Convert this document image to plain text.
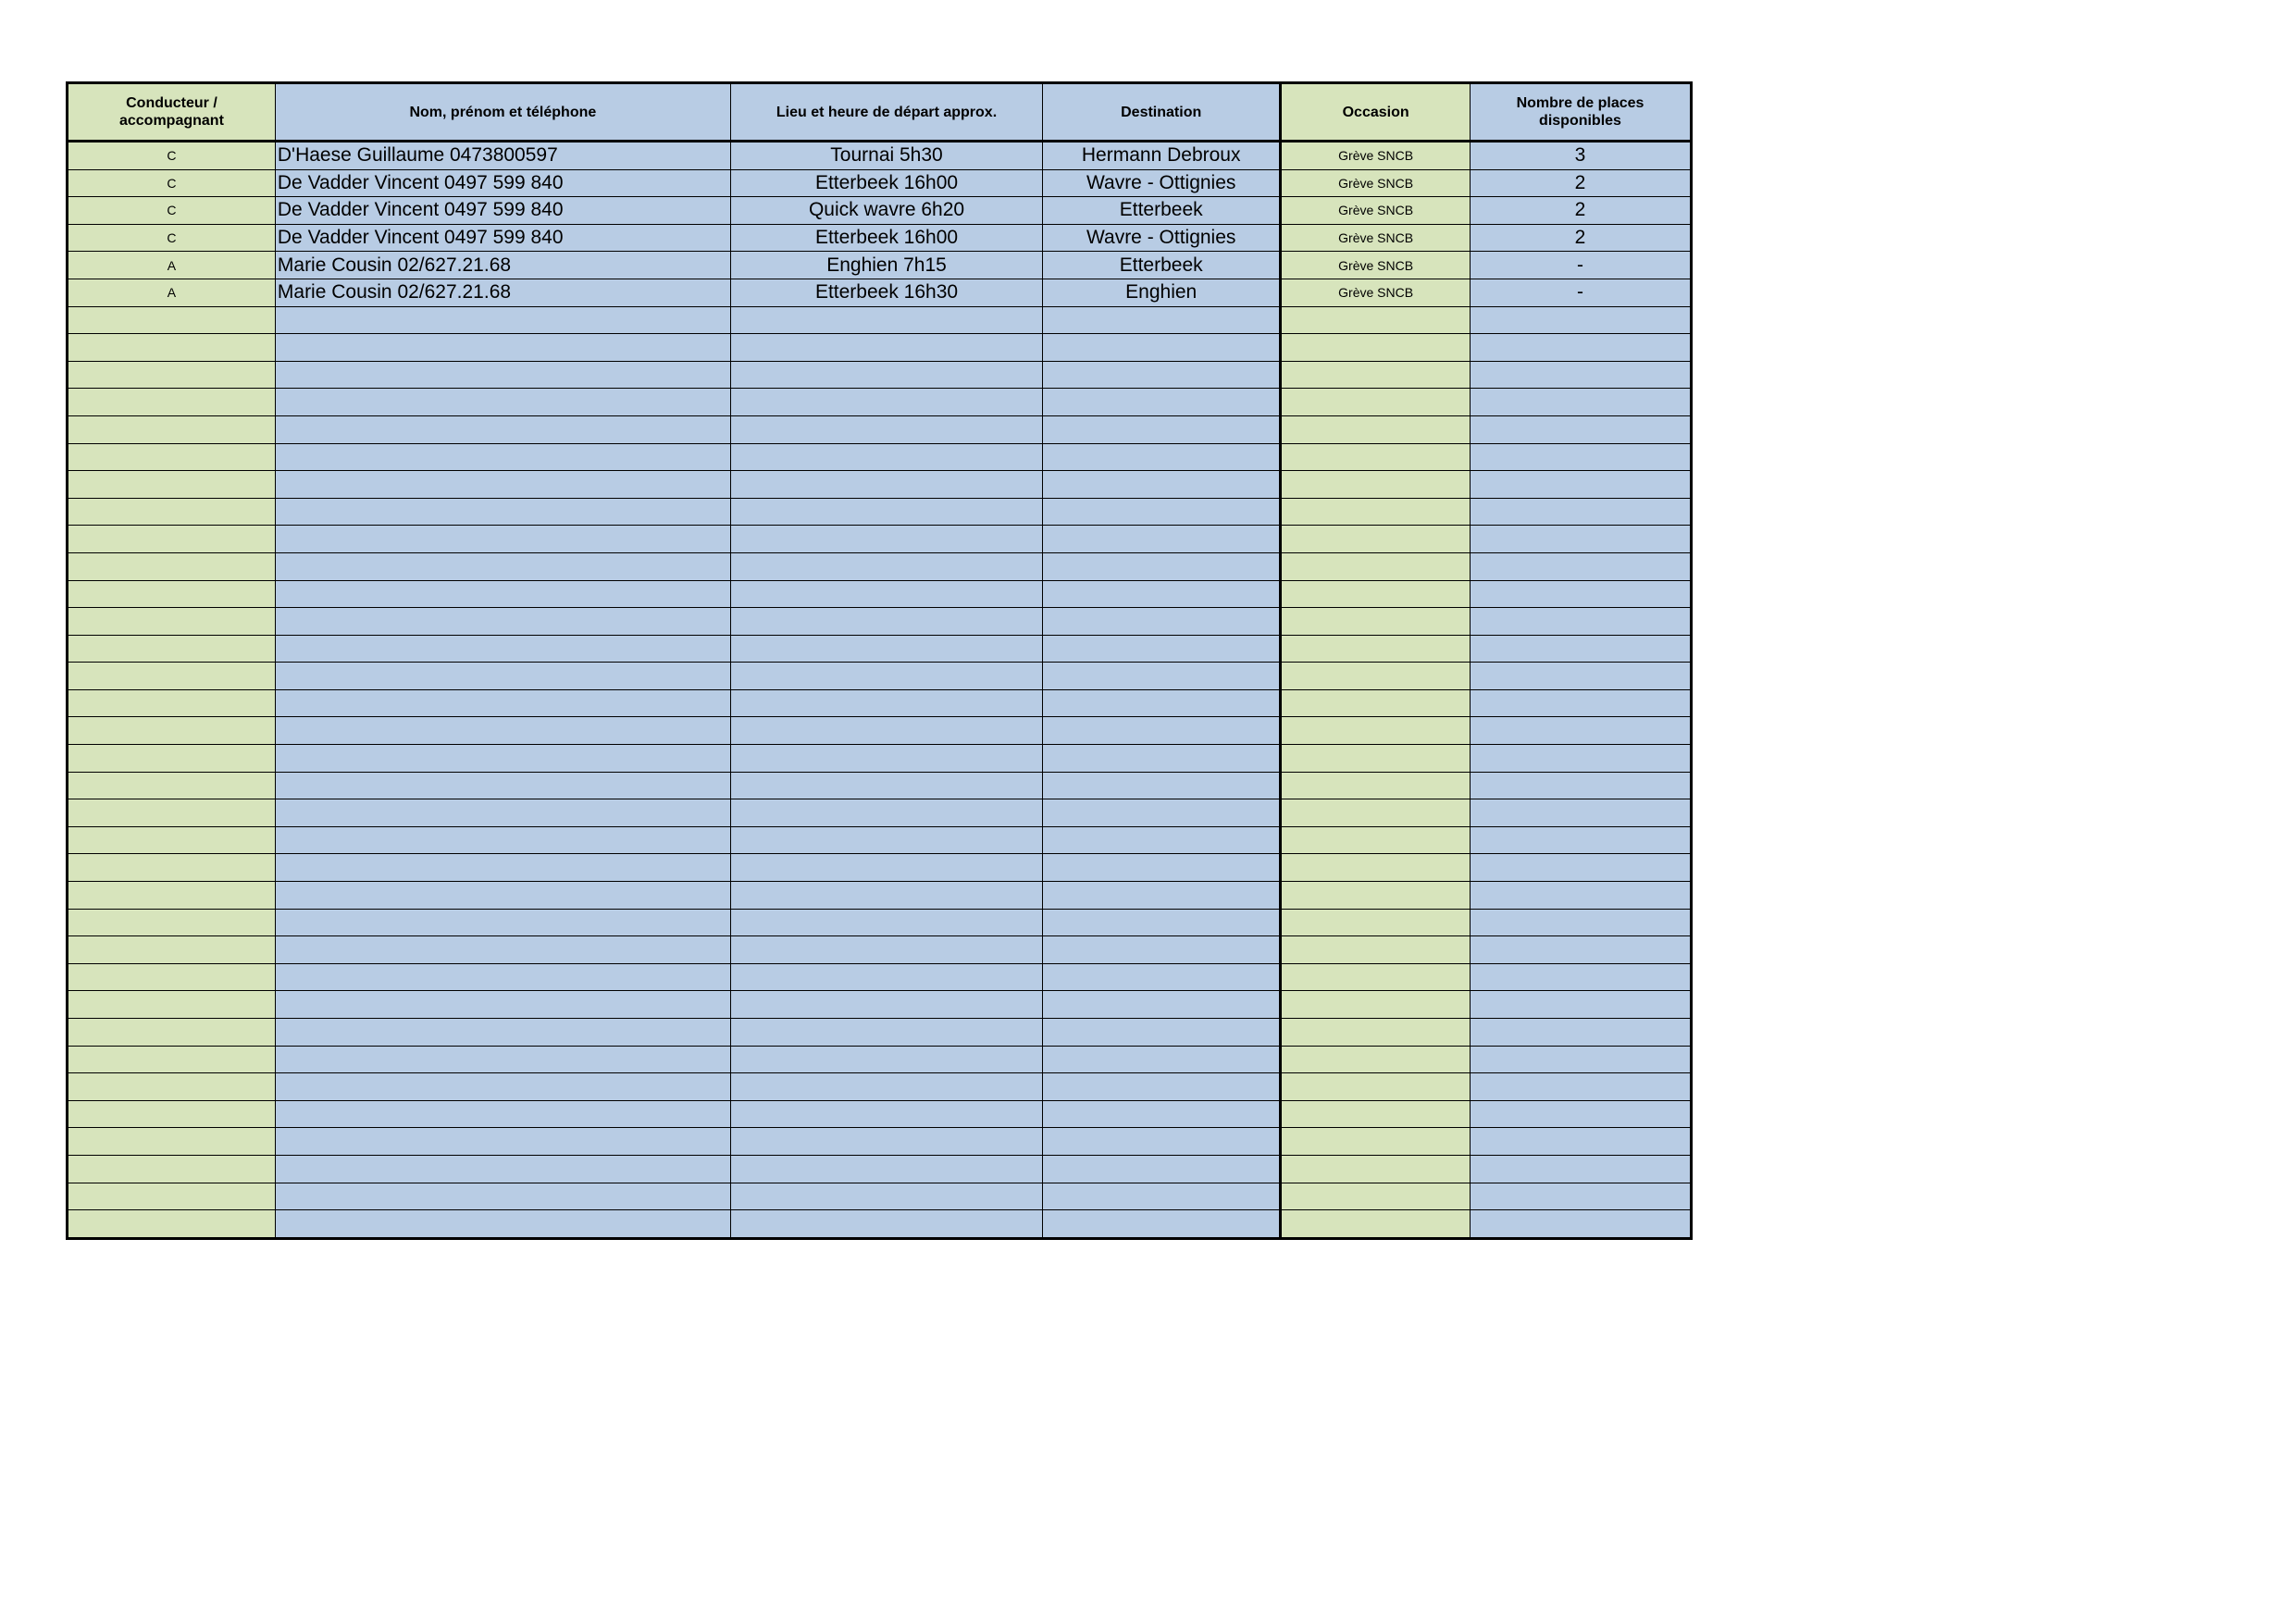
Conducteur / accompagnant	Nom, prénom et téléphone	Lieu et heure de départ approx.	Destination	Occasion	Nombre de places disponibles
C	D'Haese Guillaume 0473800597	Tournai 5h30	Hermann Debroux	Grève SNCB	3
C	De Vadder Vincent 0497 599 840	Etterbeek 16h00	Wavre - Ottignies	Grève SNCB	2
C	De Vadder Vincent 0497 599 840	Quick wavre 6h20	Etterbeek	Grève SNCB	2
C	De Vadder Vincent 0497 599 840	Etterbeek 16h00	Wavre - Ottignies	Grève SNCB	2
A	Marie Cousin 02/627.21.68	Enghien 7h15	Etterbeek	Grève SNCB	-
A	Marie Cousin 02/627.21.68	Etterbeek 16h30	Enghien	Grève SNCB	-
